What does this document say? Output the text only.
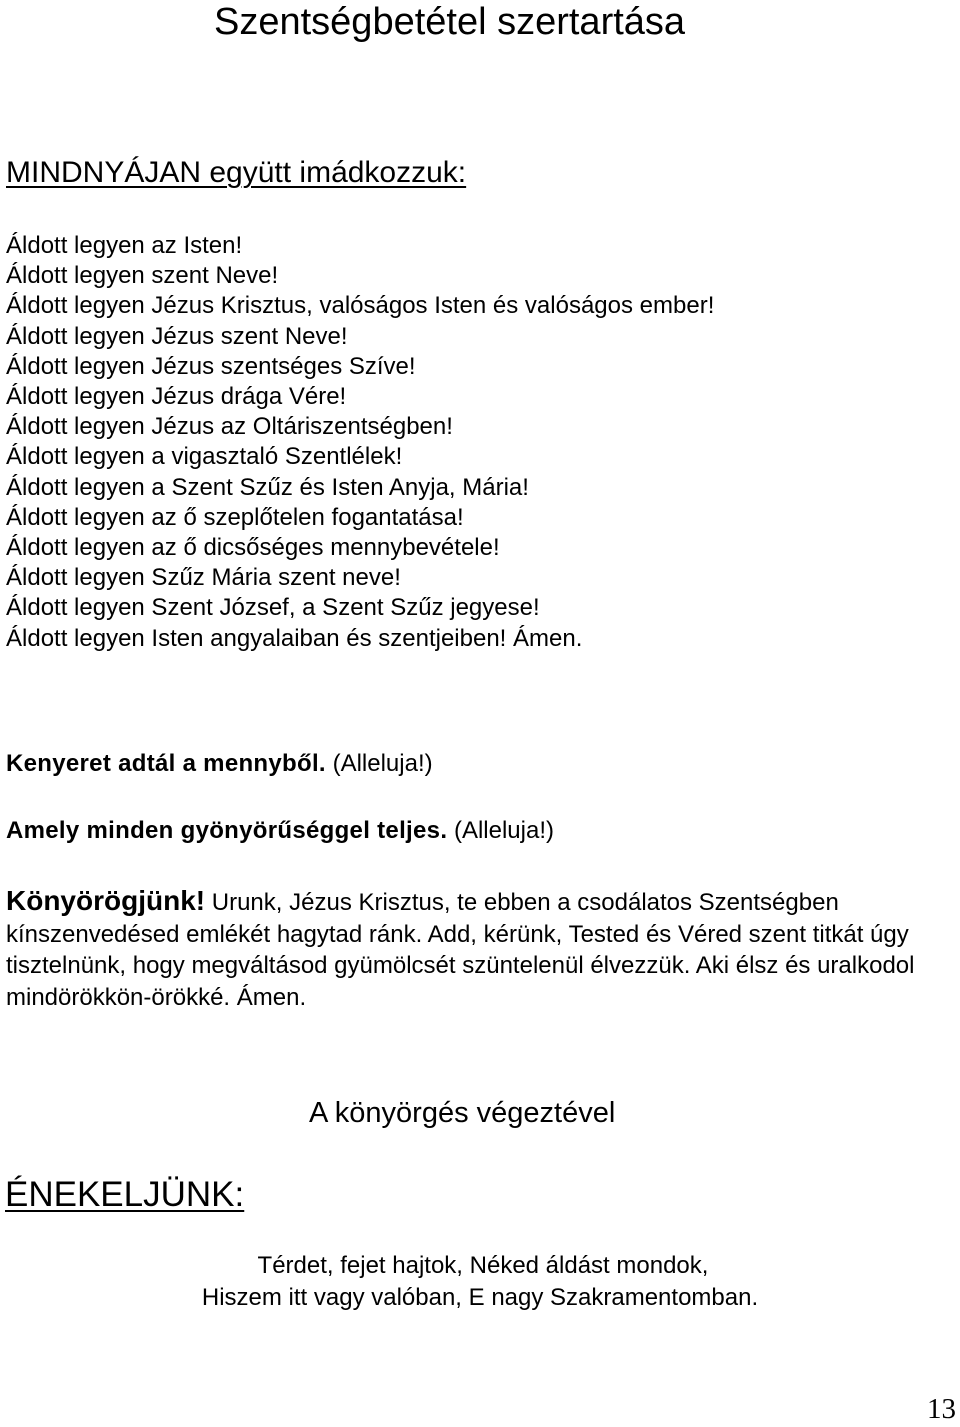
Szentségbetétel szertartása
MINDNYÁJAN együtt imádkozzuk:
Áldott legyen az Isten!
Áldott legyen szent Neve!
Áldott legyen Jézus Krisztus, valóságos Isten és valóságos ember!
Áldott legyen Jézus szent Neve!
Áldott legyen Jézus szentséges Szíve!
Áldott legyen Jézus drága Vére!
Áldott legyen Jézus az Oltáriszentségben!
Áldott legyen a vigasztaló Szentlélek!
Áldott legyen a Szent Szűz és Isten Anyja, Mária!
Áldott legyen az ő szeplőtelen fogantatása!
Áldott legyen az ő dicsőséges mennybevétele!
Áldott legyen Szűz Mária szent neve!
Áldott legyen Szent József, a Szent Szűz jegyese!
Áldott legyen Isten angyalaiban és szentjeiben! Ámen.
Kenyeret adtál a mennyből. (Alleluja!)
Amely minden gyönyörűséggel teljes. (Alleluja!)

Könyörögjünk! Urunk, Jézus Krisztus, te ebben a csodálatos Szentségben kínszenvedésed emlékét hagytad ránk. Add, kérünk, Tested és Véred szent titkát úgy tisztelnünk, hogy megváltásod gyümölcsét szüntelenül élvezzük. Aki élsz és uralkodol mindörökkön-örökké. Ámen.

A könyörgés végeztével
ÉNEKELJÜNK:
Térdet, fejet hajtok, Néked áldást mondok,
Hiszem itt vagy valóban, E nagy Szakramentomban.
13
